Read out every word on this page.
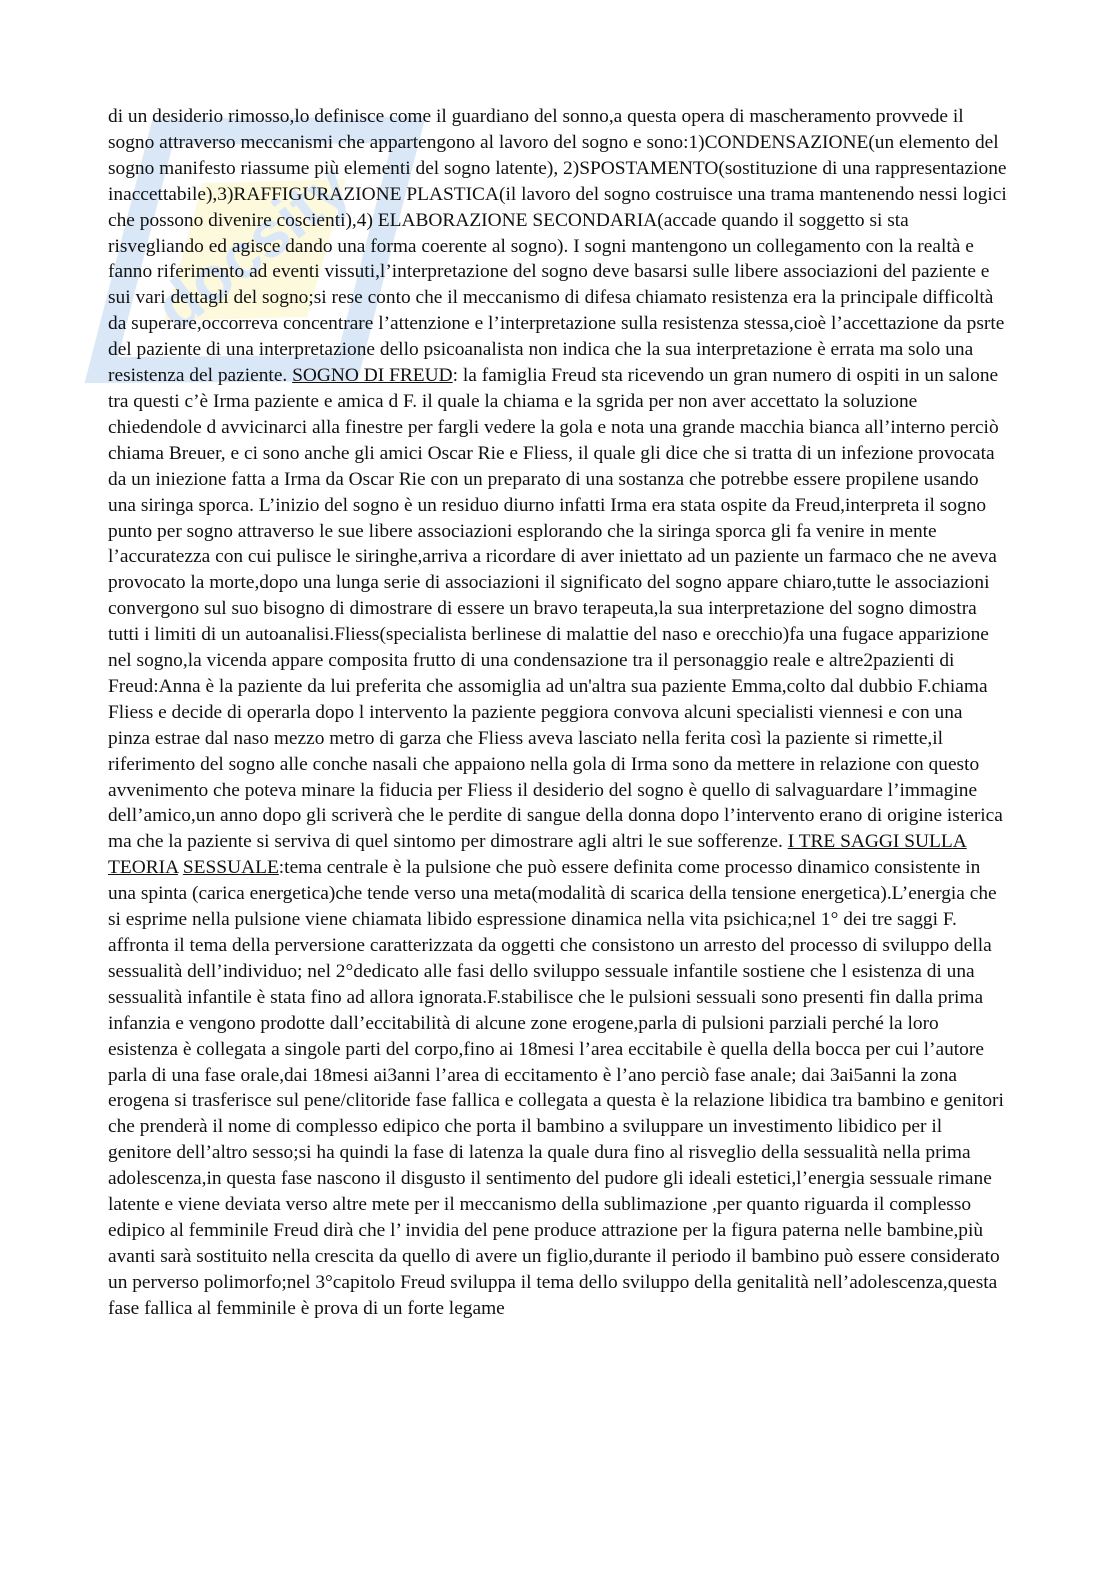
docsity
di un desiderio rimosso,lo definisce come il guardiano del sonno,a questa opera di mascheramento provvede il sogno attraverso meccanismi che appartengono al lavoro del sogno e sono:1)CONDENSAZIONE(un elemento del sogno manifesto riassume più elementi del sogno latente), 2)SPOSTAMENTO(sostituzione di una rappresentazione inaccettabile),3)RAFFIGURAZIONE PLASTICA(il lavoro del sogno costruisce una trama mantenendo nessi logici che possono divenire coscienti),4) ELABORAZIONE SECONDARIA(accade quando il soggetto si sta risvegliando ed agisce dando una forma coerente al sogno). I sogni mantengono un collegamento con la realtà e fanno riferimento ad eventi vissuti,l’interpretazione del sogno deve basarsi sulle libere associazioni del paziente e sui vari dettagli del sogno;si rese conto che il meccanismo di difesa chiamato resistenza era la principale difficoltà da superare,occorreva concentrare l’attenzione e l’interpretazione sulla resistenza stessa,cioè l’accettazione da psrte del paziente di una interpretazione dello psicoanalista non indica che la sua interpretazione è errata ma solo una resistenza del paziente. SOGNO DI FREUD: la famiglia Freud sta ricevendo un gran numero di ospiti in un salone tra questi c’è Irma paziente e amica d F. il quale la chiama e la sgrida per non aver accettato la soluzione chiedendole d avvicinarci alla finestre per fargli vedere la gola e nota una grande macchia bianca all’interno perciò chiama Breuer, e ci sono anche gli amici Oscar Rie e Fliess, il quale gli dice che si tratta di un infezione provocata da un iniezione fatta a Irma da Oscar Rie con un preparato di una sostanza che potrebbe essere propilene usando una siringa sporca. L’inizio del sogno è un residuo diurno infatti Irma era stata ospite da Freud,interpreta il sogno punto per sogno attraverso le sue libere associazioni esplorando che la siringa sporca gli fa venire in mente l’accuratezza con cui pulisce le siringhe,arriva a ricordare di aver iniettato ad un paziente un farmaco che ne aveva provocato la morte,dopo una lunga serie di associazioni il significato del sogno appare chiaro,tutte le associazioni convergono sul suo bisogno di dimostrare di essere un bravo terapeuta,la sua interpretazione del sogno dimostra tutti i limiti di un autoanalisi.Fliess(specialista berlinese di malattie del naso e orecchio)fa una fugace apparizione nel sogno,la vicenda appare composita frutto di una condensazione tra il personaggio reale e altre2pazienti di Freud:Anna è la paziente da lui preferita che assomiglia ad un'altra sua paziente Emma,colto dal dubbio F.chiama Fliess e decide di operarla dopo l intervento la paziente peggiora convova alcuni specialisti viennesi e con una pinza estrae dal naso mezzo metro di garza che Fliess aveva lasciato nella ferita così la paziente si rimette,il riferimento del sogno alle conche nasali che appaiono nella gola di Irma sono da mettere in relazione con questo avvenimento che poteva minare la fiducia per Fliess il desiderio del sogno è quello di salvaguardare l’immagine dell’amico,un anno dopo gli scriverà che le perdite di sangue della donna dopo l’intervento erano di origine isterica ma che la paziente si serviva di quel sintomo per dimostrare agli altri le sue sofferenze. I TRE SAGGI SULLA TEORIA SESSUALE:tema centrale è la pulsione che può essere definita come processo dinamico consistente in una spinta (carica energetica)che tende verso una meta(modalità di scarica della tensione energetica).L’energia che si esprime nella pulsione viene chiamata libido espressione dinamica nella vita psichica;nel 1° dei tre saggi F. affronta il tema della perversione caratterizzata da oggetti che consistono un arresto del processo di sviluppo della sessualità dell’individuo; nel 2°dedicato alle fasi dello sviluppo sessuale infantile sostiene che l esistenza di una sessualità infantile è stata fino ad allora ignorata.F.stabilisce che le pulsioni sessuali sono presenti fin dalla prima infanzia e vengono prodotte dall’eccitabilità di alcune zone erogene,parla di pulsioni parziali perché la loro esistenza è collegata a singole parti del corpo,fino ai 18mesi l’area eccitabile è quella della bocca per cui l’autore parla di una fase orale,dai 18mesi ai3anni l’area di eccitamento è l’ano perciò fase anale; dai 3ai5anni la zona erogena si trasferisce sul pene/clitoride fase fallica e collegata a questa è la relazione libidica tra bambino e genitori che prenderà il nome di complesso edipico che porta il bambino a sviluppare un investimento libidico per il genitore dell’altro sesso;si ha quindi la fase di latenza la quale dura fino al risveglio della sessualità nella prima adolescenza,in questa fase nascono il disgusto il sentimento del pudore gli ideali estetici,l’energia sessuale rimane latente e viene deviata verso altre mete per il meccanismo della sublimazione ,per quanto riguarda il complesso edipico al femminile Freud dirà che l’ invidia del pene produce attrazione per la figura paterna nelle bambine,più avanti sarà sostituito nella crescita da quello di avere un figlio,durante il periodo il bambino può essere considerato un perverso polimorfo;nel 3°capitolo Freud sviluppa il tema dello sviluppo della genitalità nell’adolescenza,questa fase fallica al femminile è prova di un forte legame
